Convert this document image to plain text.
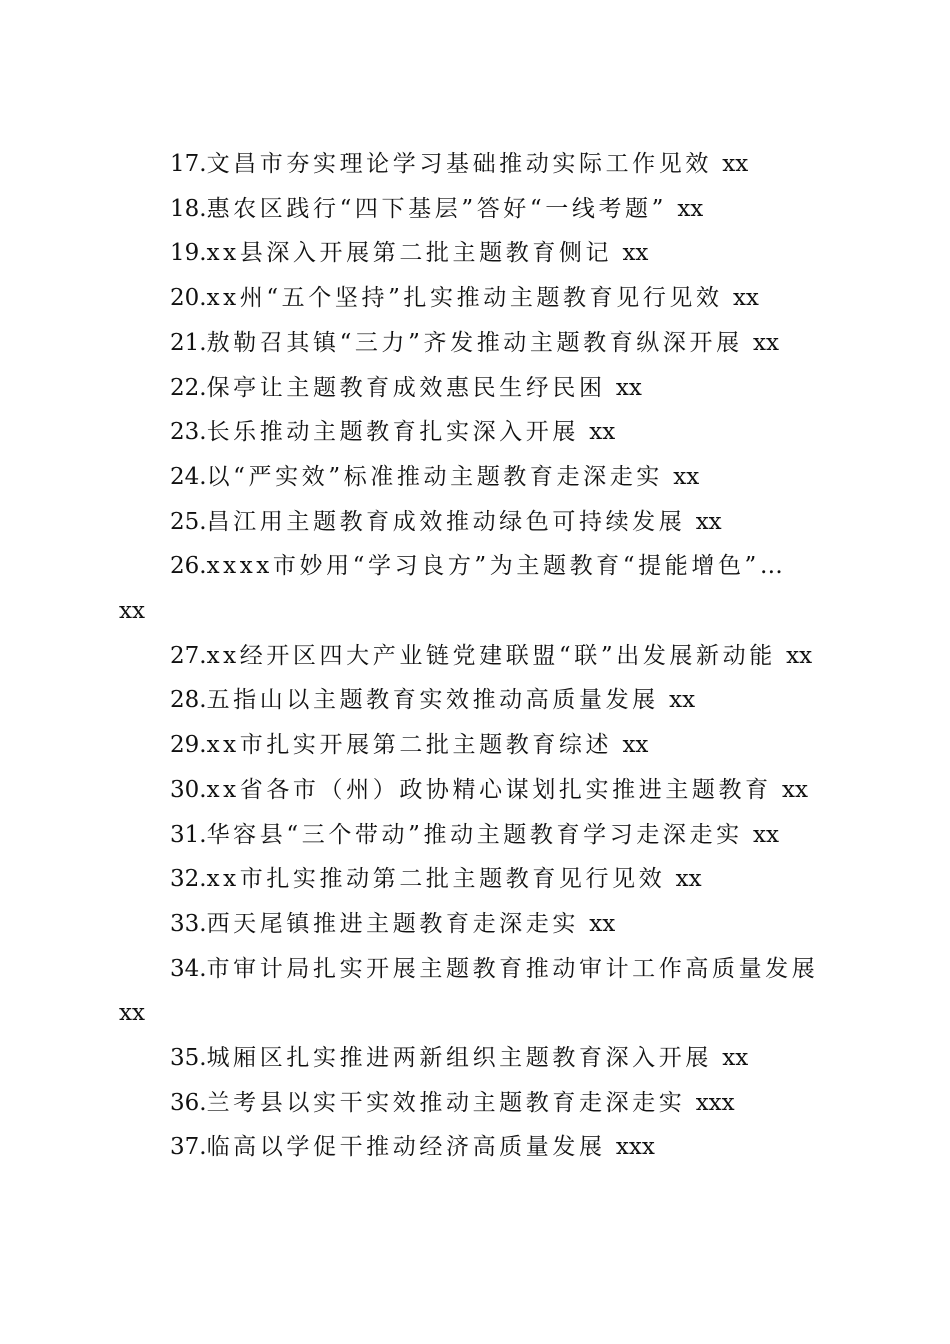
17.文昌市夯实理论学习基础推动实际工作见效 xx
18.惠农区践行“四下基层”答好“一线考题” xx
19.xx县深入开展第二批主题教育侧记 xx
20.xx州“五个坚持”扎实推动主题教育见行见效 xx
21.敖勒召其镇“三力”齐发推动主题教育纵深开展 xx
22.保亭让主题教育成效惠民生纾民困 xx
23.长乐推动主题教育扎实深入开展 xx
24.以“严实效”标准推动主题教育走深走实 xx
25.昌江用主题教育成效推动绿色可持续发展 xx
26.xxxx市妙用“学习良方”为主题教育“提能增色”…
xx
27.xx经开区四大产业链党建联盟“联”出发展新动能 xx
28.五指山以主题教育实效推动高质量发展 xx
29.xx市扎实开展第二批主题教育综述 xx
30.xx省各市（州）政协精心谋划扎实推进主题教育 xx
31.华容县“三个带动”推动主题教育学习走深走实 xx
32.xx市扎实推动第二批主题教育见行见效 xx
33.西天尾镇推进主题教育走深走实 xx
34.市审计局扎实开展主题教育推动审计工作高质量发展
xx
35.城厢区扎实推进两新组织主题教育深入开展 xx
36.兰考县以实干实效推动主题教育走深走实 xxx
37.临高以学促干推动经济高质量发展 xxx
